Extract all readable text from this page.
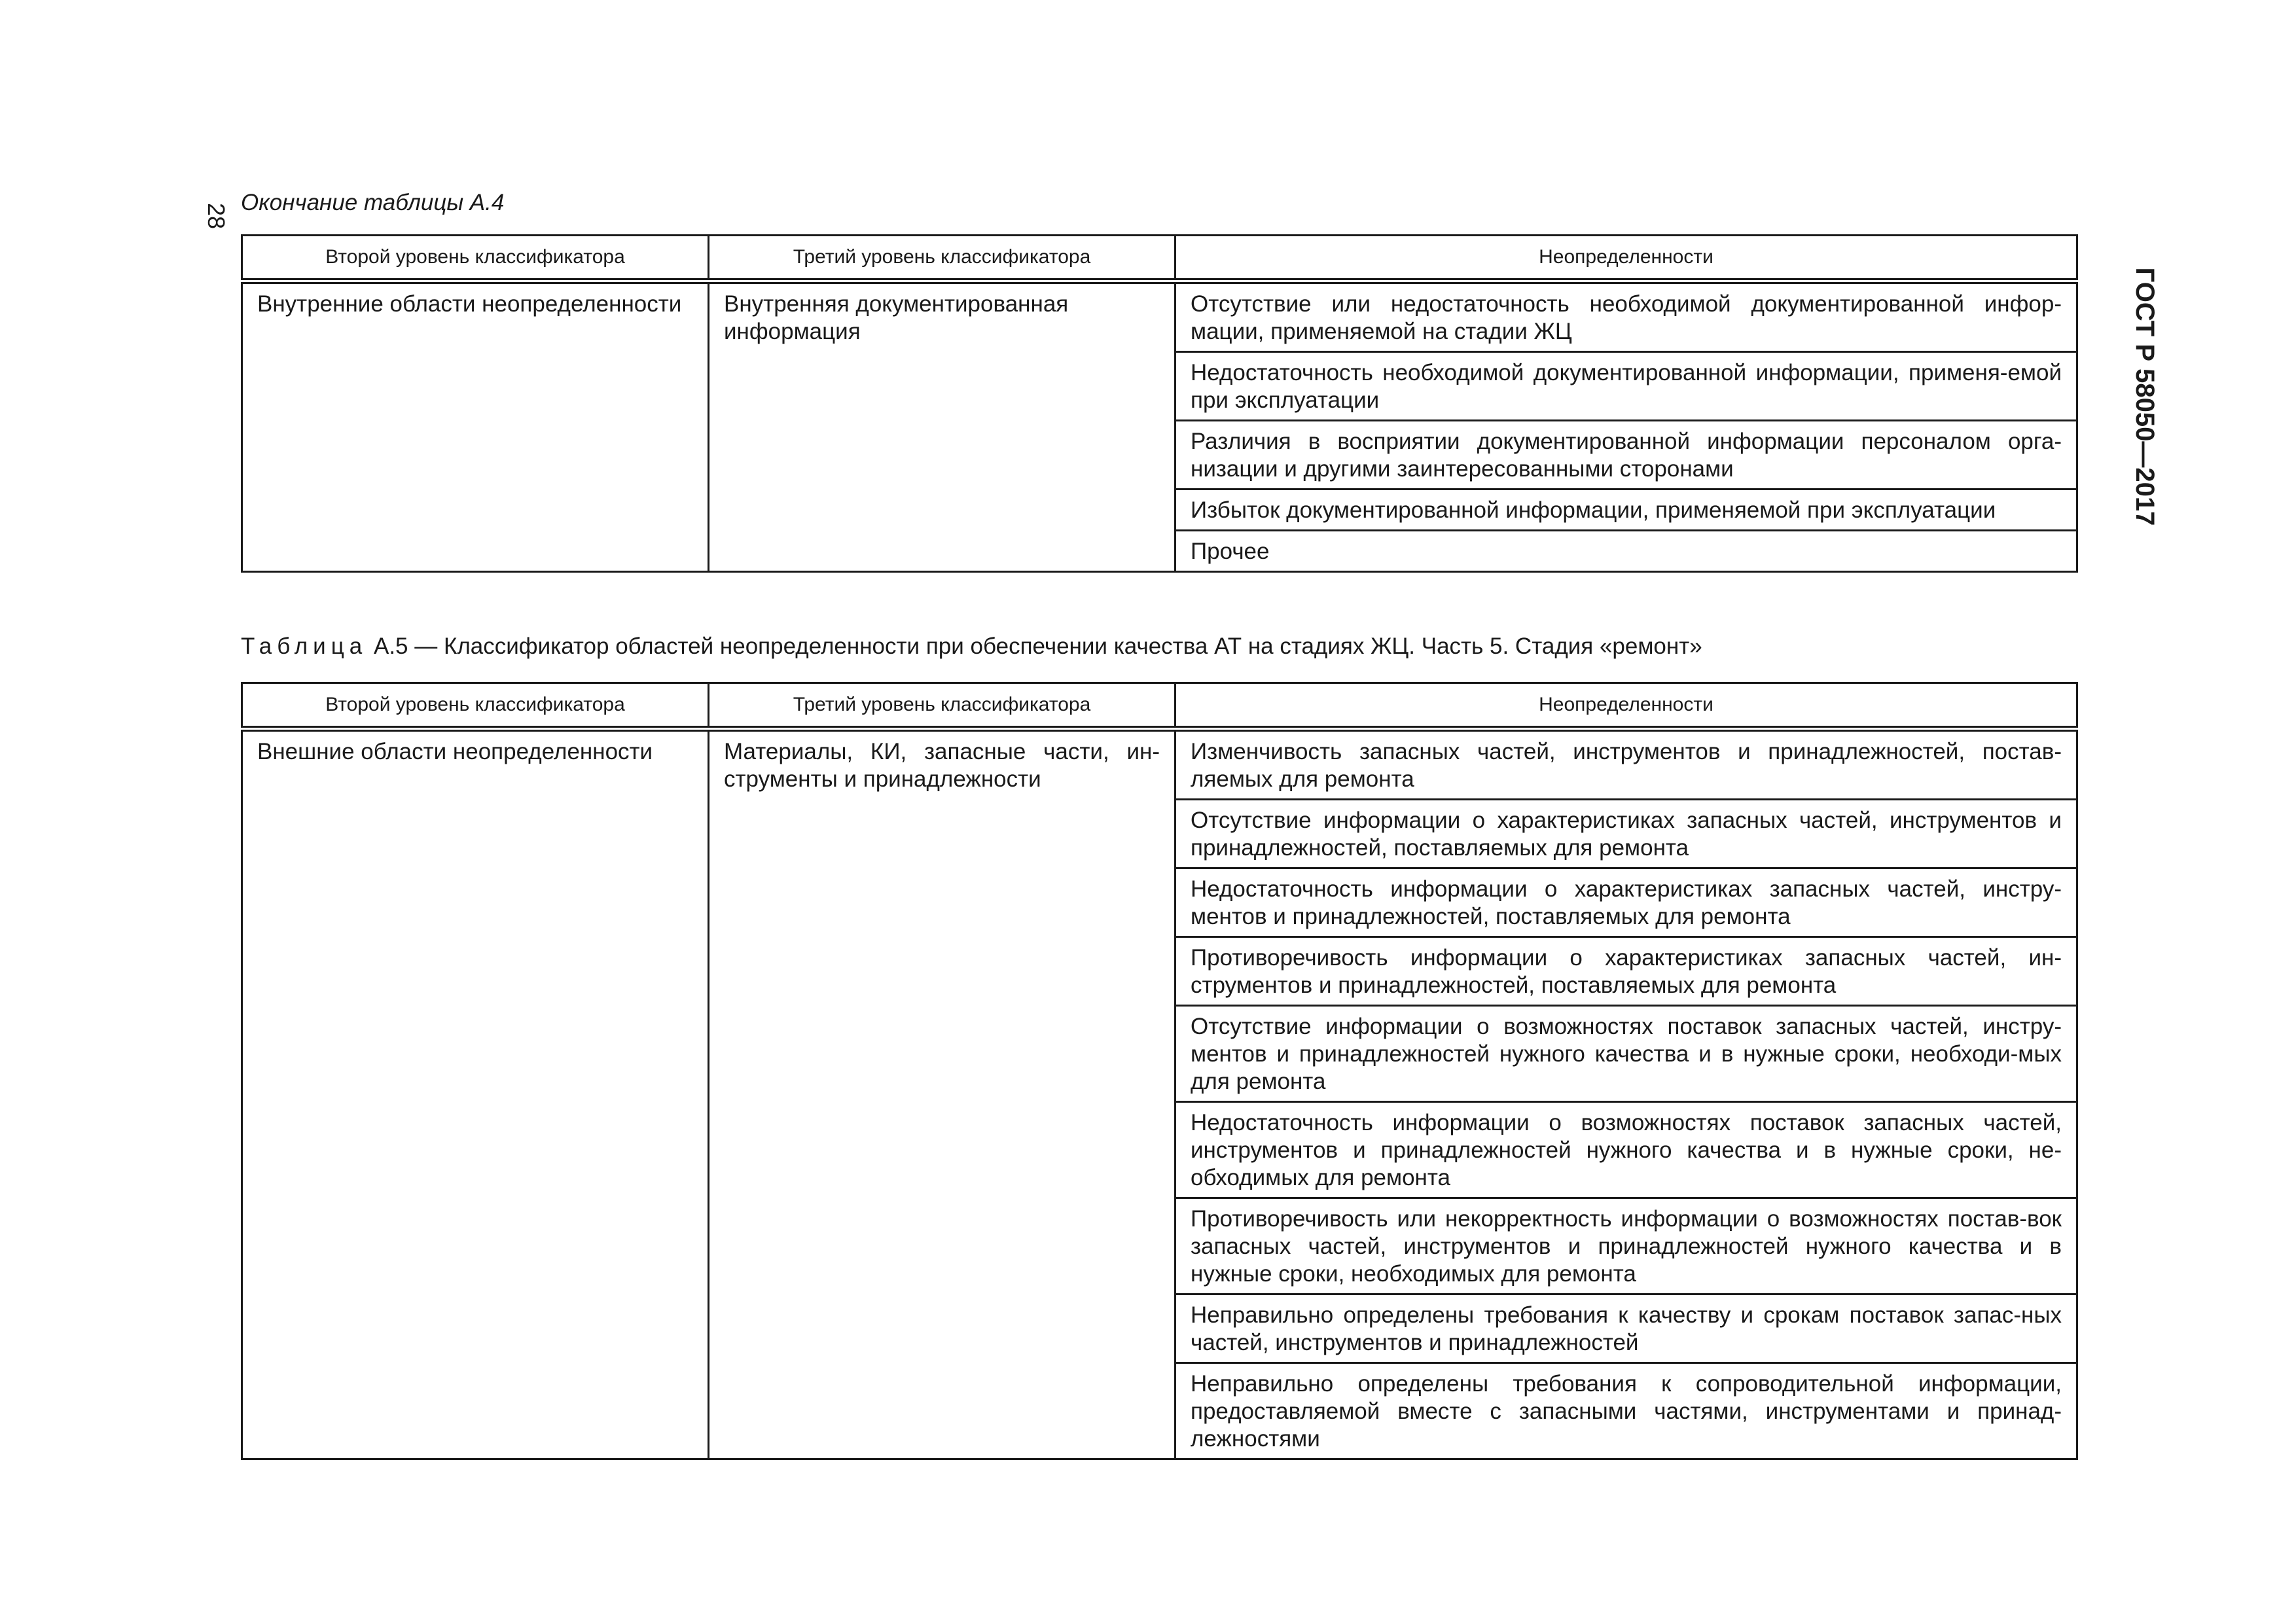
28
ГОСТ Р 58050—2017
Окончание таблицы А.4
Второй уровень классификатора	Третий уровень классификатора	Неопределенности
Внутренние области неопределенности	Внутренняя документированная информация	Отсутствие или недостаточность необходимой документированной инфор-мации, применяемой на стадии ЖЦ
		Недостаточность необходимой документированной информации, применя-емой при эксплуатации
		Различия в восприятии документированной информации персоналом орга-низации и другими заинтересованными сторонами
		Избыток документированной информации, применяемой при эксплуатации
		Прочее
Таблица А.5 — Классификатор областей неопределенности при обеспечении качества АТ на стадиях ЖЦ. Часть 5. Стадия «ремонт»
Второй уровень классификатора	Третий уровень классификатора	Неопределенности
Внешние области неопределенности	Материалы, КИ, запасные части, ин-струменты и принадлежности	Изменчивость запасных частей, инструментов и принадлежностей, постав-ляемых для ремонта
		Отсутствие информации о характеристиках запасных частей, инструментов и принадлежностей, поставляемых для ремонта
		Недостаточность информации о характеристиках запасных частей, инстру-ментов и принадлежностей, поставляемых для ремонта
		Противоречивость информации о характеристиках запасных частей, ин-струментов и принадлежностей, поставляемых для ремонта
		Отсутствие информации о возможностях поставок запасных частей, инстру-ментов и принадлежностей нужного качества и в нужные сроки, необходи-мых для ремонта
		Недостаточность информации о возможностях поставок запасных частей, инструментов и принадлежностей нужного качества и в нужные сроки, не-обходимых для ремонта
		Противоречивость или некорректность информации о возможностях постав-вок запасных частей, инструментов и принадлежностей нужного качества и в нужные сроки, необходимых для ремонта
		Неправильно определены требования к качеству и срокам поставок запас-ных частей, инструментов и принадлежностей
		Неправильно определены требования к сопроводительной информации, предоставляемой вместе с запасными частями, инструментами и принад-лежностями
